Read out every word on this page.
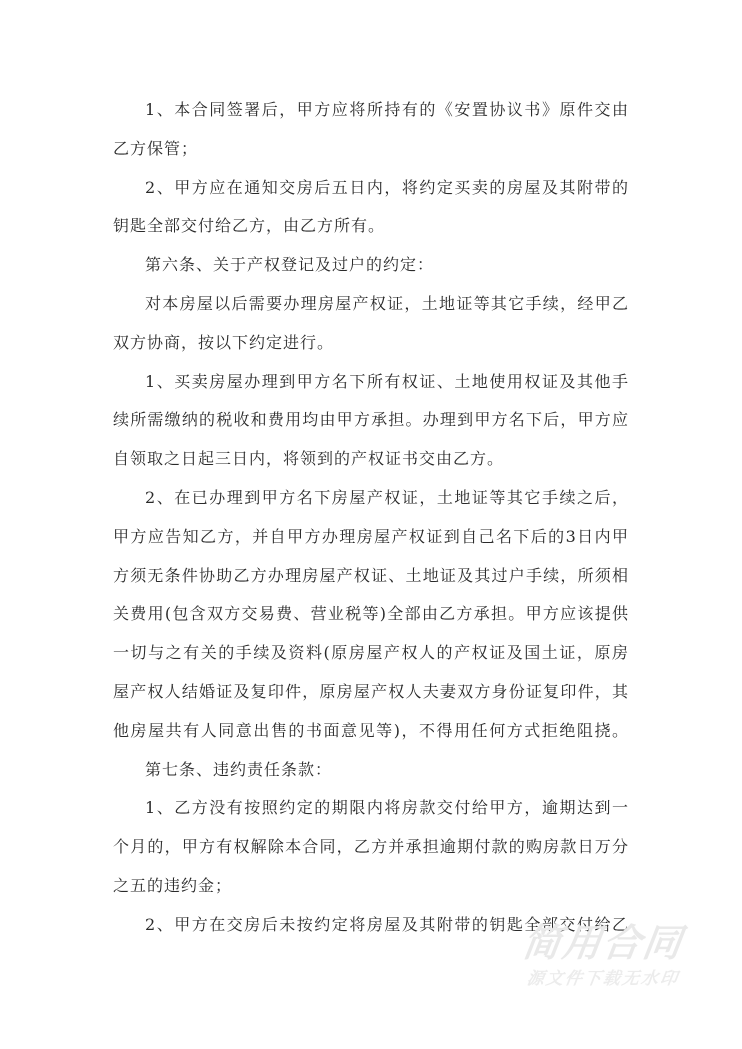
1、本合同签署后，甲方应将所持有的《安置协议书》原件交由
乙方保管；
2、甲方应在通知交房后五日内，将约定买卖的房屋及其附带的
钥匙全部交付给乙方，由乙方所有。
第六条、关于产权登记及过户的约定：
对本房屋以后需要办理房屋产权证，土地证等其它手续，经甲乙
双方协商，按以下约定进行。
1、买卖房屋办理到甲方名下所有权证、土地使用权证及其他手
续所需缴纳的税收和费用均由甲方承担。办理到甲方名下后，甲方应
自领取之日起三日内，将领到的产权证书交由乙方。
2、在已办理到甲方名下房屋产权证，土地证等其它手续之后，
甲方应告知乙方，并自甲方办理房屋产权证到自己名下后的3日内甲
方须无条件协助乙方办理房屋产权证、土地证及其过户手续，所须相
关费用(包含双方交易费、营业税等)全部由乙方承担。甲方应该提供
一切与之有关的手续及资料(原房屋产权人的产权证及国土证，原房
屋产权人结婚证及复印件，原房屋产权人夫妻双方身份证复印件，其
他房屋共有人同意出售的书面意见等)，不得用任何方式拒绝阻挠。
第七条、违约责任条款：
1、乙方没有按照约定的期限内将房款交付给甲方，逾期达到一
个月的，甲方有权解除本合同，乙方并承担逾期付款的购房款日万分
之五的违约金；
2、甲方在交房后未按约定将房屋及其附带的钥匙全部交付给乙
简用合同
源文件下载无水印
